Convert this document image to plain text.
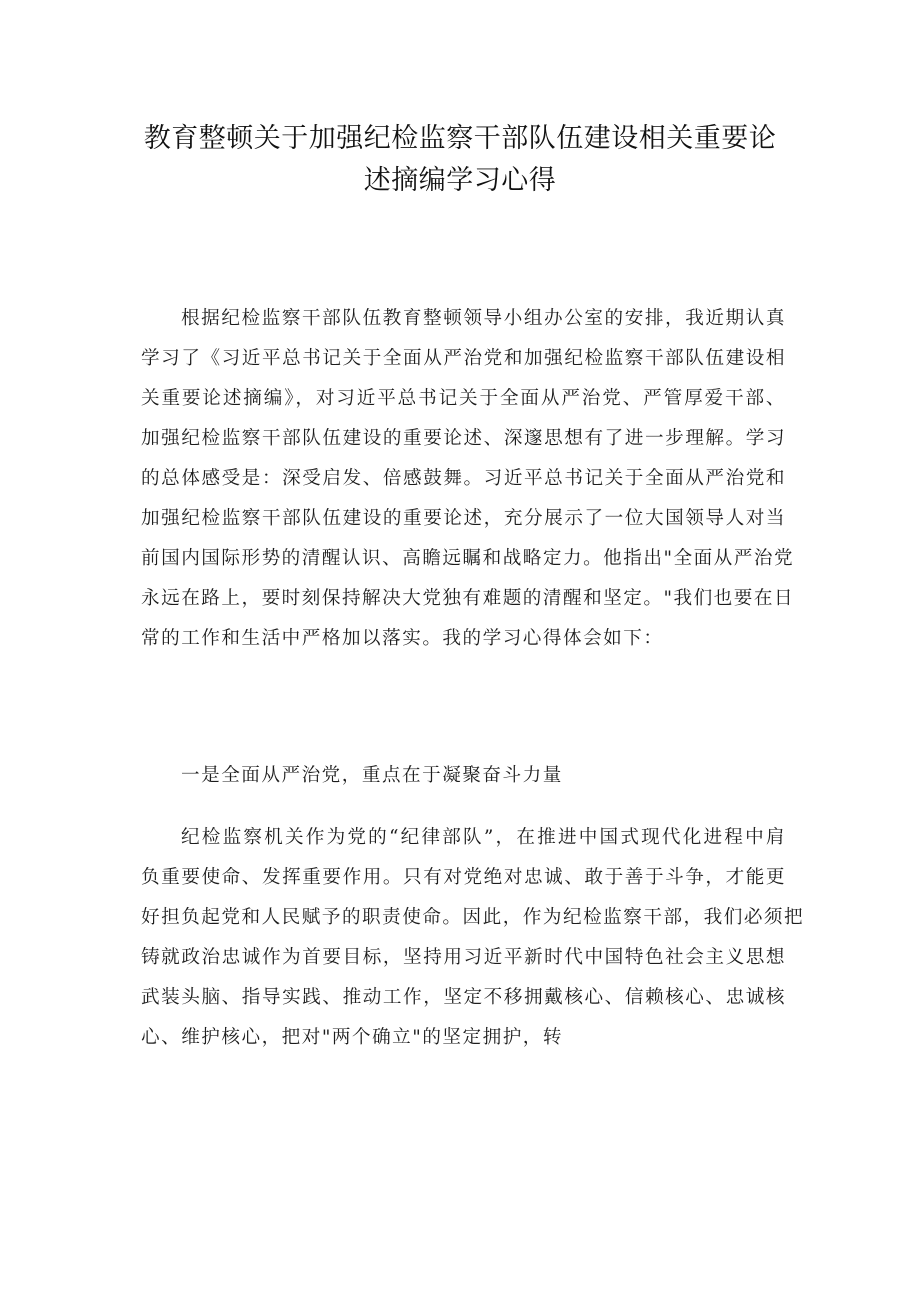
教育整顿关于加强纪检监察干部队伍建设相关重要论
述摘编学习心得

根据纪检监察干部队伍教育整顿领导小组办公室的安排，我近期认真
学习了《习近平总书记关于全面从严治党和加强纪检监察干部队伍建设相
关重要论述摘编》，对习近平总书记关于全面从严治党、严管厚爱干部、
加强纪检监察干部队伍建设的重要论述、深邃思想有了进一步理解。学习
的总体感受是：深受启发、倍感鼓舞。习近平总书记关于全面从严治党和
加强纪检监察干部队伍建设的重要论述，充分展示了一位大国领导人对当
前国内国际形势的清醒认识、高瞻远瞩和战略定力。他指出"全面从严治党
永远在路上，要时刻保持解决大党独有难题的清醒和坚定。"我们也要在日
常的工作和生活中严格加以落实。我的学习心得体会如下：

一是全面从严治党，重点在于凝聚奋斗力量

纪检监察机关作为党的“纪律部队”，在推进中国式现代化进程中肩
负重要使命、发挥重要作用。只有对党绝对忠诚、敢于善于斗争，才能更
好担负起党和人民赋予的职责使命。因此，作为纪检监察干部，我们必须把
铸就政治忠诚作为首要目标，坚持用习近平新时代中国特色社会主义思想
武装头脑、指导实践、推动工作，坚定不移拥戴核心、信赖核心、忠诚核
心、维护核心，把对"两个确立"的坚定拥护，转
